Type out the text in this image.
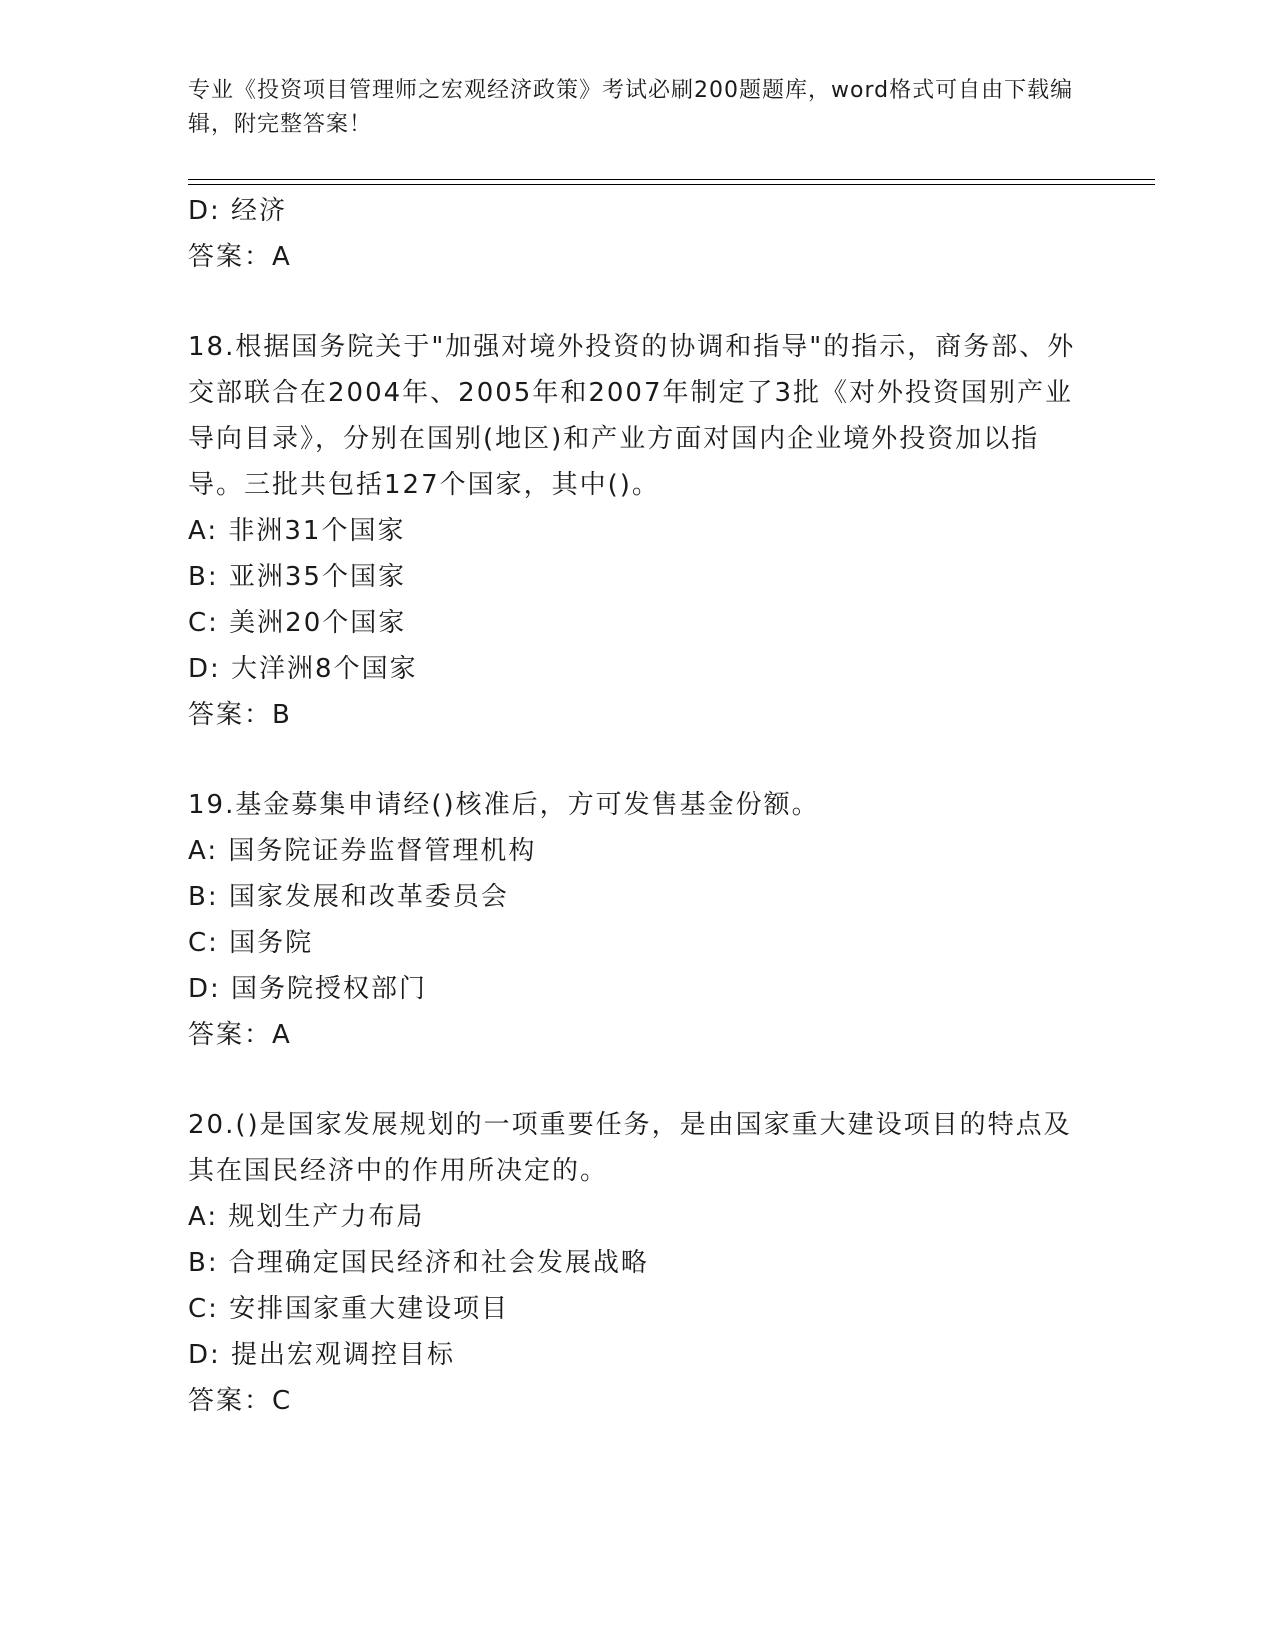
专业《投资项目管理师之宏观经济政策》考试必刷200题题库，word格式可自由下载编辑，附完整答案！
D: 经济
答案：A
18.根据国务院关于"加强对境外投资的协调和指导"的指示，商务部、外交部联合在2004年、2005年和2007年制定了3批《对外投资国别产业导向目录》，分别在国别(地区)和产业方面对国内企业境外投资加以指导。三批共包括127个国家，其中()。
A: 非洲31个国家
B: 亚洲35个国家
C: 美洲20个国家
D: 大洋洲8个国家
答案：B
19.基金募集申请经()核准后，方可发售基金份额。
A: 国务院证券监督管理机构
B: 国家发展和改革委员会
C: 国务院
D: 国务院授权部门
答案：A
20.()是国家发展规划的一项重要任务，是由国家重大建设项目的特点及其在国民经济中的作用所决定的。
A: 规划生产力布局
B: 合理确定国民经济和社会发展战略
C: 安排国家重大建设项目
D: 提出宏观调控目标
答案：C
